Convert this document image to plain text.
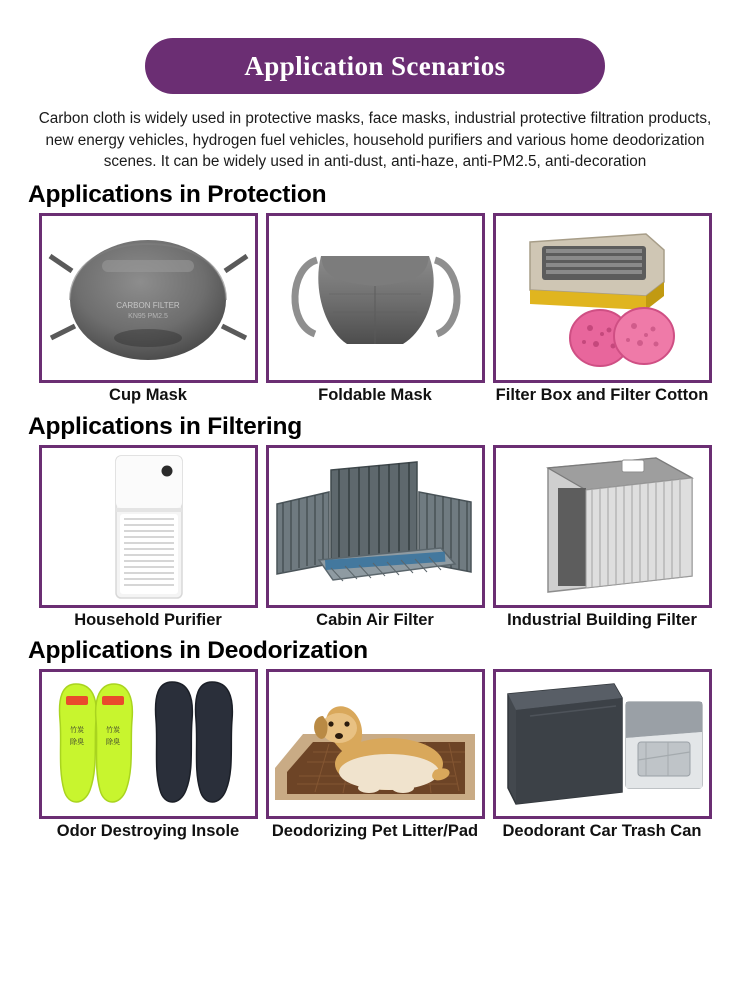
Application Scenarios

Carbon cloth is widely used in protective masks, face masks, industrial protective filtration products, new energy vehicles, hydrogen fuel vehicles, household purifiers and various home deodorization scenes. It can be widely used in anti-dust, anti-haze, anti-PM2.5, anti-decoration

Applications in Protection
CARBON FILTER
KN95 PM2.5
Cup Mask	Foldable Mask	Filter Box and Filter Cotton
Applications in Filtering
Household Purifier	Cabin Air Filter	Industrial Building Filter
Applications in Deodorization
竹炭	竹炭
除臭	除臭
Odor Destroying Insole Deodorizing Pet Litter/Pad Deodorant Car Trash Can
